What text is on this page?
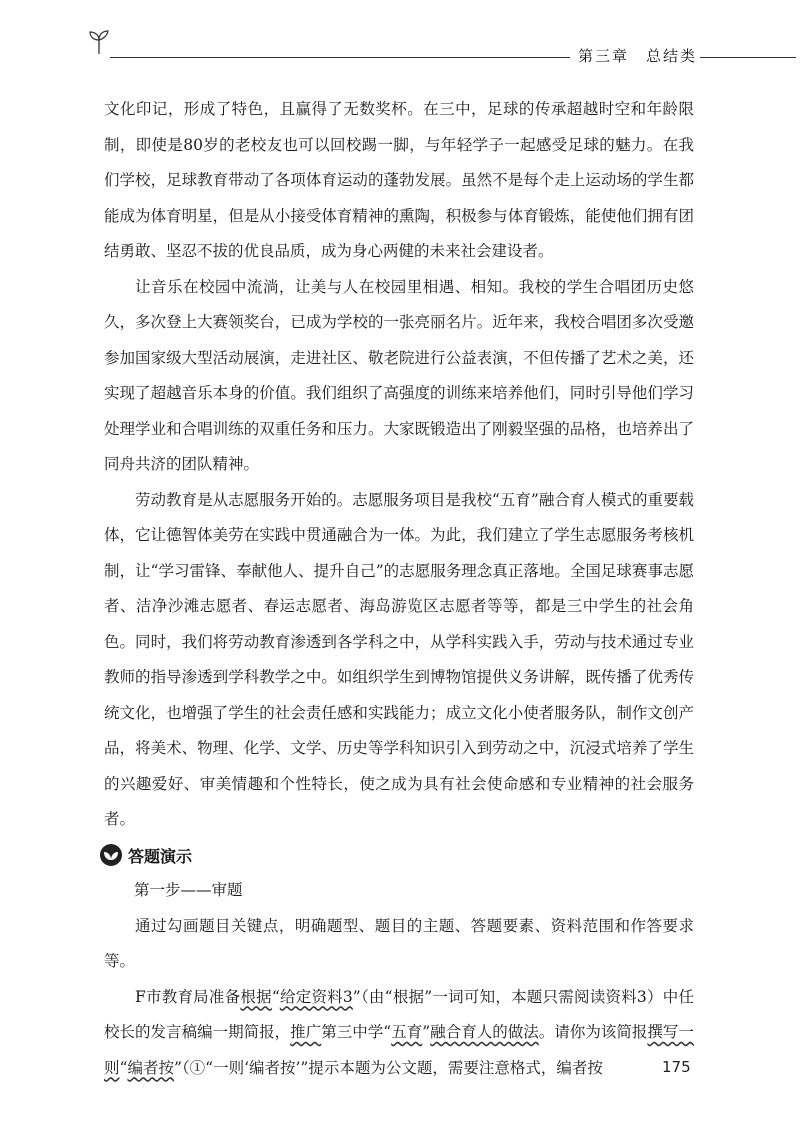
第三章　总结类

文化印记，形成了特色，且赢得了无数奖杯。在三中，足球的传承超越时空和年龄限制，即使是80岁的老校友也可以回校踢一脚，与年轻学子一起感受足球的魅力。在我们学校，足球教育带动了各项体育运动的蓬勃发展。虽然不是每个走上运动场的学生都能成为体育明星，但是从小接受体育精神的熏陶，积极参与体育锻炼，能使他们拥有团结勇敢、坚忍不拔的优良品质，成为身心两健的未来社会建设者。

让音乐在校园中流淌，让美与人在校园里相遇、相知。我校的学生合唱团历史悠久，多次登上大赛领奖台，已成为学校的一张亮丽名片。近年来，我校合唱团多次受邀参加国家级大型活动展演，走进社区、敬老院进行公益表演，不但传播了艺术之美，还实现了超越音乐本身的价值。我们组织了高强度的训练来培养他们，同时引导他们学习处理学业和合唱训练的双重任务和压力。大家既锻造出了刚毅坚强的品格，也培养出了同舟共济的团队精神。

劳动教育是从志愿服务开始的。志愿服务项目是我校“五育”融合育人模式的重要载体，它让德智体美劳在实践中贯通融合为一体。为此，我们建立了学生志愿服务考核机制，让“学习雷锋、奉献他人、提升自己”的志愿服务理念真正落地。全国足球赛事志愿者、洁净沙滩志愿者、春运志愿者、海岛游览区志愿者等等，都是三中学生的社会角色。同时，我们将劳动教育渗透到各学科之中，从学科实践入手，劳动与技术通过专业教师的指导渗透到学科教学之中。如组织学生到博物馆提供义务讲解，既传播了优秀传统文化，也增强了学生的社会责任感和实践能力；成立文化小使者服务队，制作文创产品，将美术、物理、化学、文学、历史等学科知识引入到劳动之中，沉浸式培养了学生的兴趣爱好、审美情趣和个性特长，使之成为具有社会使命感和专业精神的社会服务者。

答题演示

第一步——审题

通过勾画题目关键点，明确题型、题目的主题、答题要素、资料范围和作答要求等。

F市教育局准备根据“给定资料3”（由“根据”一词可知，本题只需阅读资料3）中任校长的发言稿编一期简报，推广第三中学“五育”融合育人的做法。请你为该简报撰写一则“编者按”（①“一则‘编者按’”提示本题为公文题，需要注意格式，编者按	175
